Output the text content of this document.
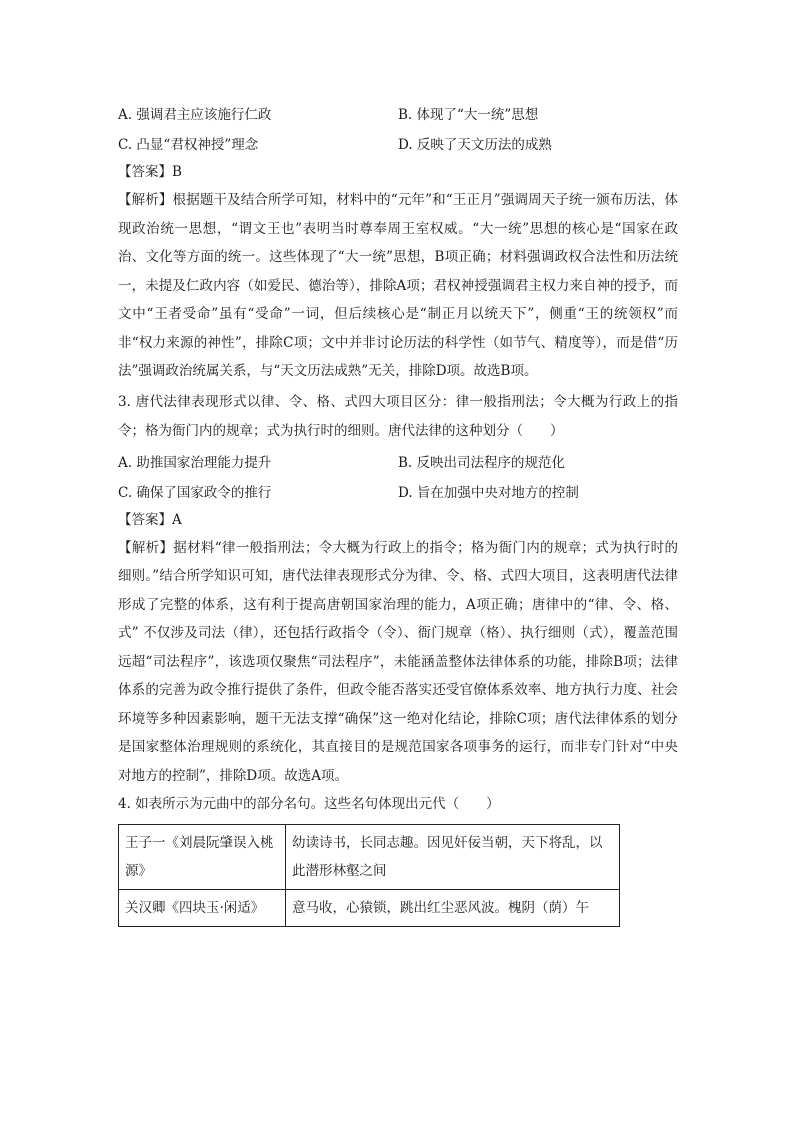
A. 强调君主应该施行仁政	B. 体现了“大一统”思想
C. 凸显“君权神授”理念	D. 反映了天文历法的成熟
【答案】B
【解析】根据题干及结合所学可知，材料中的“元年”和“王正月”强调周天子统一颁布历法，体现政治统一思想，“谓文王也”表明当时尊奉周王室权威。“大一统”思想的核心是“国家在政治、文化等方面的统一。这些体现了“大一统”思想，B项正确；材料强调政权合法性和历法统一，未提及仁政内容（如爱民、德治等），排除A项；君权神授强调君主权力来自神的授予，而文中“王者受命”虽有“受命”一词，但后续核心是“制正月以统天下”，侧重“王的统领权”而非“权力来源的神性”，排除C项；文中并非讨论历法的科学性（如节气、精度等），而是借“历法”强调政治统属关系，与“天文历法成熟”无关，排除D项。故选B项。
3. 唐代法律表现形式以律、令、格、式四大项目区分：律一般指刑法；令大概为行政上的指令；格为衙门内的规章；式为执行时的细则。唐代法律的这种划分（　　）
A. 助推国家治理能力提升	B. 反映出司法程序的规范化
C. 确保了国家政令的推行	D. 旨在加强中央对地方的控制
【答案】A
【解析】据材料“律一般指刑法；令大概为行政上的指令；格为衙门内的规章；式为执行时的细则。”结合所学知识可知，唐代法律表现形式分为律、令、格、式四大项目，这表明唐代法律形成了完整的体系，这有利于提高唐朝国家治理的能力，A项正确；唐律中的“律、令、格、式” 不仅涉及司法（律），还包括行政指令（令）、衙门规章（格）、执行细则（式），覆盖范围远超“司法程序”，该选项仅聚焦“司法程序”，未能涵盖整体法律体系的功能，排除B项；法律体系的完善为政令推行提供了条件，但政令能否落实还受官僚体系效率、地方执行力度、社会环境等多种因素影响，题干无法支撑“确保”这一绝对化结论，排除C项；唐代法律体系的划分是国家整体治理规则的系统化，其直接目的是规范国家各项事务的运行，而非专门针对“中央对地方的控制”，排除D项。故选A项。
4. 如表所示为元曲中的部分名句。这些名句体现出元代（　　）
王子一《刘晨阮肇误入桃源》	幼读诗书，长同志趣。因见奸佞当朝，天下将乱，以此潜形林壑之间
关汉卿《四块玉·闲适》	意马收，心猿锁，跳出红尘恶风波。槐阴（荫）午
